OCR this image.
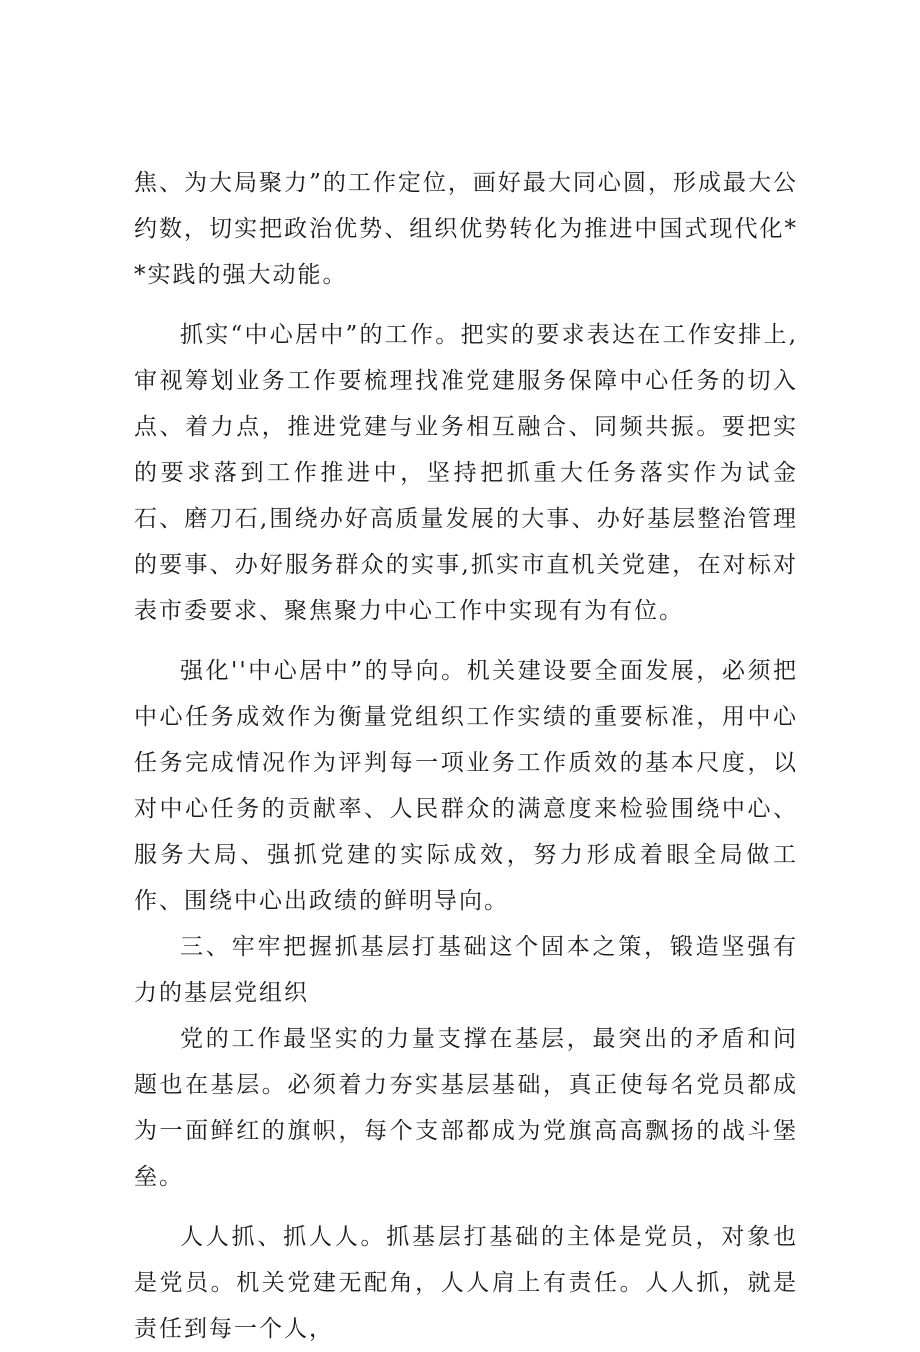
焦、为大局聚力”的工作定位，画好最大同心圆，形成最大公约数，切实把政治优势、组织优势转化为推进中国式现代化**实践的强大动能。

抓实“中心居中”的工作。把实的要求表达在工作安排上,审视筹划业务工作要梳理找准党建服务保障中心任务的切入点、着力点，推进党建与业务相互融合、同频共振。要把实的要求落到工作推进中，坚持把抓重大任务落实作为试金石、磨刀石,围绕办好高质量发展的大事、办好基层整治管理的要事、办好服务群众的实事,抓实市直机关党建，在对标对表市委要求、聚焦聚力中心工作中实现有为有位。

强化''中心居中”的导向。机关建设要全面发展，必须把中心任务成效作为衡量党组织工作实绩的重要标准，用中心任务完成情况作为评判每一项业务工作质效的基本尺度，以对中心任务的贡献率、人民群众的满意度来检验围绕中心、服务大局、强抓党建的实际成效，努力形成着眼全局做工作、围绕中心出政绩的鲜明导向。

三、牢牢把握抓基层打基础这个固本之策，锻造坚强有力的基层党组织

党的工作最坚实的力量支撑在基层，最突出的矛盾和问题也在基层。必须着力夯实基层基础，真正使每名党员都成为一面鲜红的旗帜，每个支部都成为党旗高高飘扬的战斗堡垒。

人人抓、抓人人。抓基层打基础的主体是党员，对象也是党员。机关党建无配角，人人肩上有责任。人人抓，就是责任到每一个人，
